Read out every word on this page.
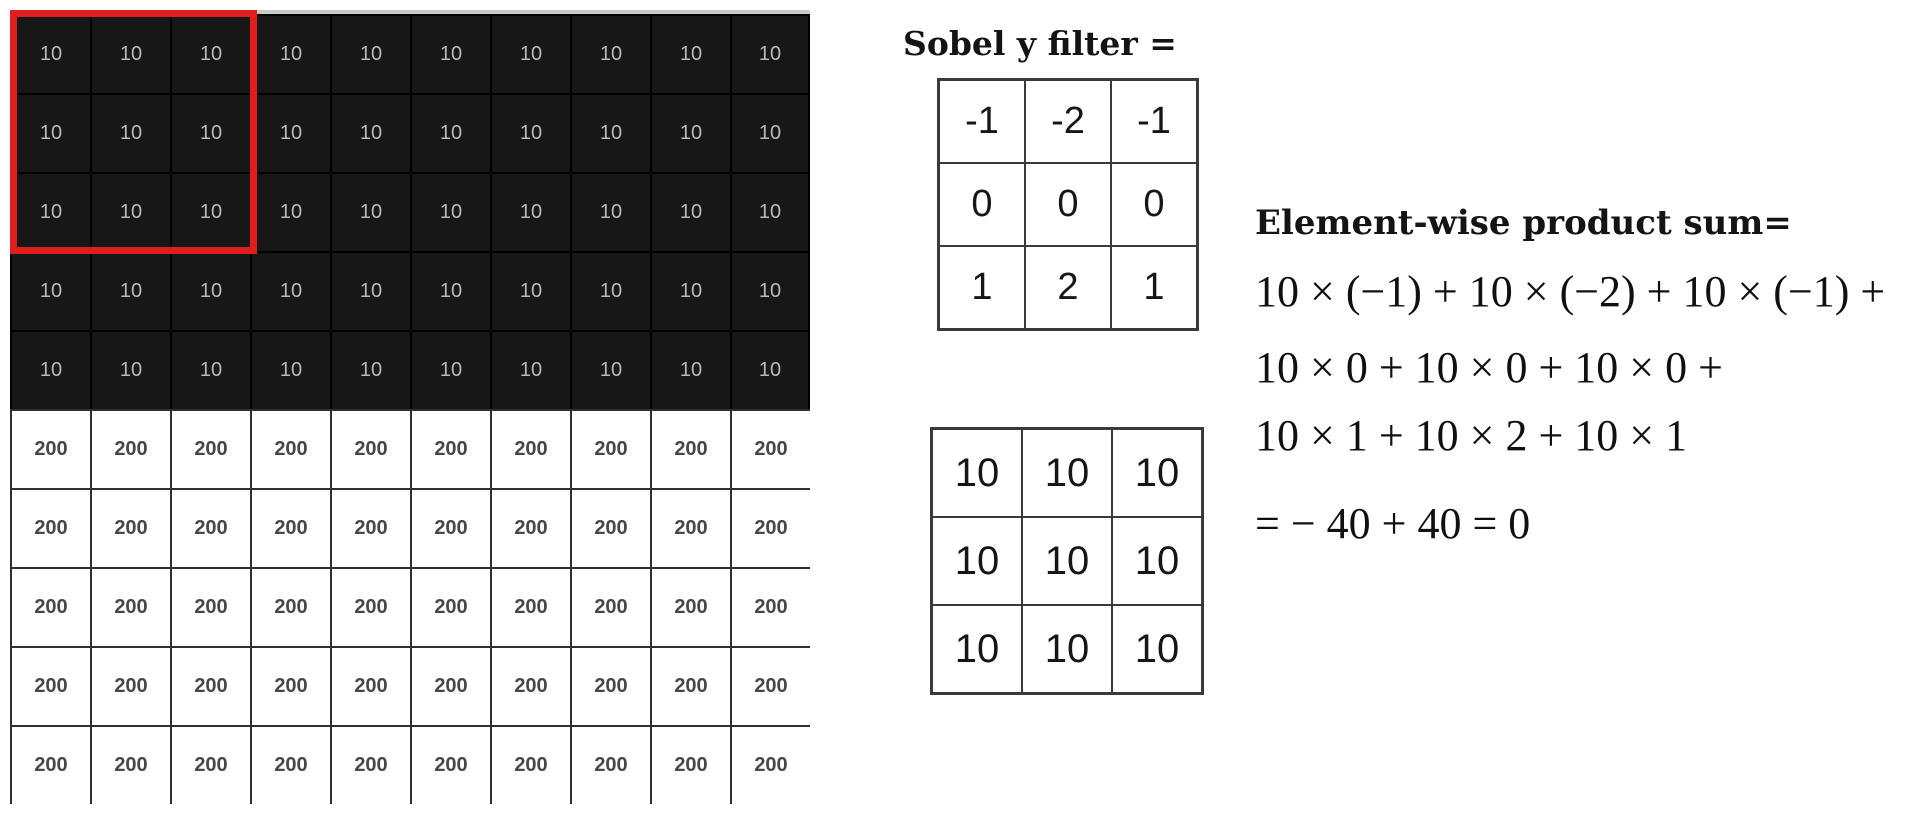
10	10	10	10	10	10	10	10	10	10
10	10	10	10	10	10	10	10	10	10
10	10	10	10	10	10	10	10	10	10
10	10	10	10	10	10	10	10	10	10
10	10	10	10	10	10	10	10	10	10
200	200	200	200	200	200	200	200	200	200
200	200	200	200	200	200	200	200	200	200
200	200	200	200	200	200	200	200	200	200
200	200	200	200	200	200	200	200	200	200
200	200	200	200	200	200	200	200	200	200
Sobel y filter =
-1	-2	-1
0	0	0
1	2	1
10	10	10
10	10	10
10	10	10
Element-wise product sum=
10 × (−1) + 10 × (−2) + 10 × (−1) +
10 × 0 + 10 × 0 + 10 × 0 +
10 × 1 + 10 × 2 + 10 × 1
= − 40 + 40 = 0
